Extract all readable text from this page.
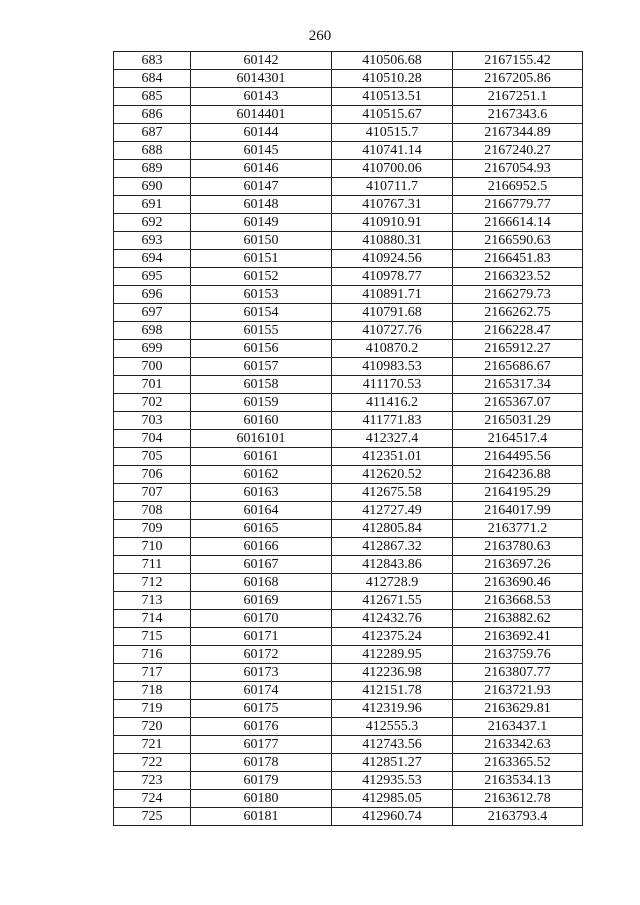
260
683	60142	410506.68	2167155.42
684	6014301	410510.28	2167205.86
685	60143	410513.51	2167251.1
686	6014401	410515.67	2167343.6
687	60144	410515.7	2167344.89
688	60145	410741.14	2167240.27
689	60146	410700.06	2167054.93
690	60147	410711.7	2166952.5
691	60148	410767.31	2166779.77
692	60149	410910.91	2166614.14
693	60150	410880.31	2166590.63
694	60151	410924.56	2166451.83
695	60152	410978.77	2166323.52
696	60153	410891.71	2166279.73
697	60154	410791.68	2166262.75
698	60155	410727.76	2166228.47
699	60156	410870.2	2165912.27
700	60157	410983.53	2165686.67
701	60158	411170.53	2165317.34
702	60159	411416.2	2165367.07
703	60160	411771.83	2165031.29
704	6016101	412327.4	2164517.4
705	60161	412351.01	2164495.56
706	60162	412620.52	2164236.88
707	60163	412675.58	2164195.29
708	60164	412727.49	2164017.99
709	60165	412805.84	2163771.2
710	60166	412867.32	2163780.63
711	60167	412843.86	2163697.26
712	60168	412728.9	2163690.46
713	60169	412671.55	2163668.53
714	60170	412432.76	2163882.62
715	60171	412375.24	2163692.41
716	60172	412289.95	2163759.76
717	60173	412236.98	2163807.77
718	60174	412151.78	2163721.93
719	60175	412319.96	2163629.81
720	60176	412555.3	2163437.1
721	60177	412743.56	2163342.63
722	60178	412851.27	2163365.52
723	60179	412935.53	2163534.13
724	60180	412985.05	2163612.78
725	60181	412960.74	2163793.4
